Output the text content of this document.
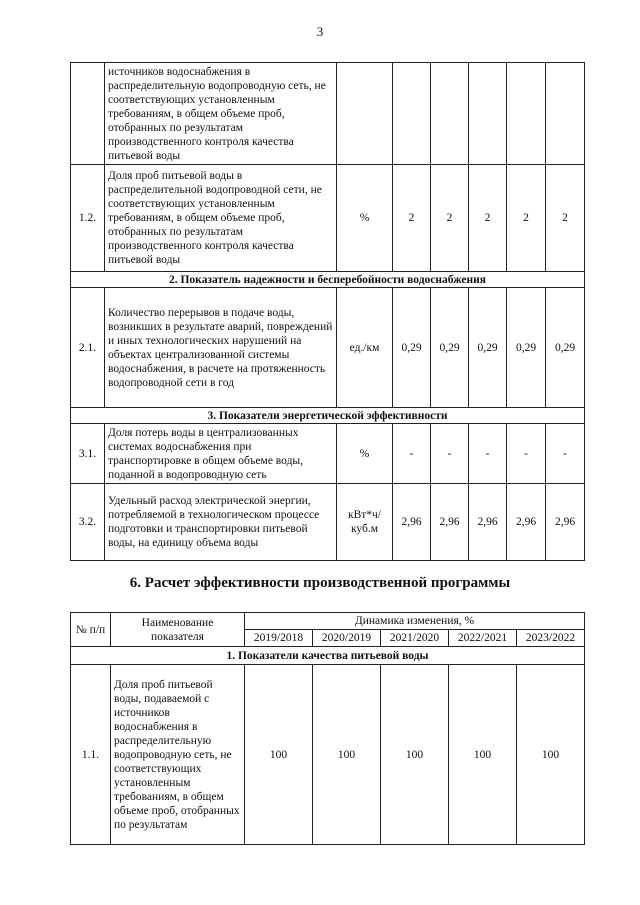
3
	источников водоснабжения в распределительную водопроводную сеть, не соответствующих установленным требованиям, в общем объеме проб, отобранных по результатам производственного контроля качества питьевой воды						
1.2.	Доля проб питьевой воды в распределительной водопроводной сети, не соответствующих установленным требованиям, в общем объеме проб, отобранных по результатам производственного контроля качества питьевой воды	%	2	2	2	2	2
2. Показатель надежности и бесперебойности водоснабжения							
2.1.	Количество перерывов в подаче воды, возникших в результате аварий, повреждений и иных технологических нарушений на объектах централизованной системы водоснабжения, в расчете на протяженность водопроводной сети в год	ед./км	0,29	0,29	0,29	0,29	0,29
3. Показатели энергетической эффективности							
3.1.	Доля потерь воды в централизованных системах водоснабжения при транспортировке в общем объеме воды, поданной в водопроводную сеть	%	-	-	-	-	-
3.2.	Удельный расход электрической энергии, потребляемой в технологическом процессе подготовки и транспортировки питьевой воды, на единицу объема воды	кВт*ч/куб.м	2,96	2,96	2,96	2,96	2,96
6. Расчет эффективности производственной программы
№ п/п	Наименование показателя	Динамика изменения, %				
		2019/2018	2020/2019	2021/2020	2022/2021	2023/2022
1. Показатели качества питьевой воды						
1.1.	Доля проб питьевой воды, подаваемой с источников водоснабжения в распределительную водопроводную сеть, не соответствующих установленным требованиям, в общем объеме проб, отобранных по результатам	100	100	100	100	100
